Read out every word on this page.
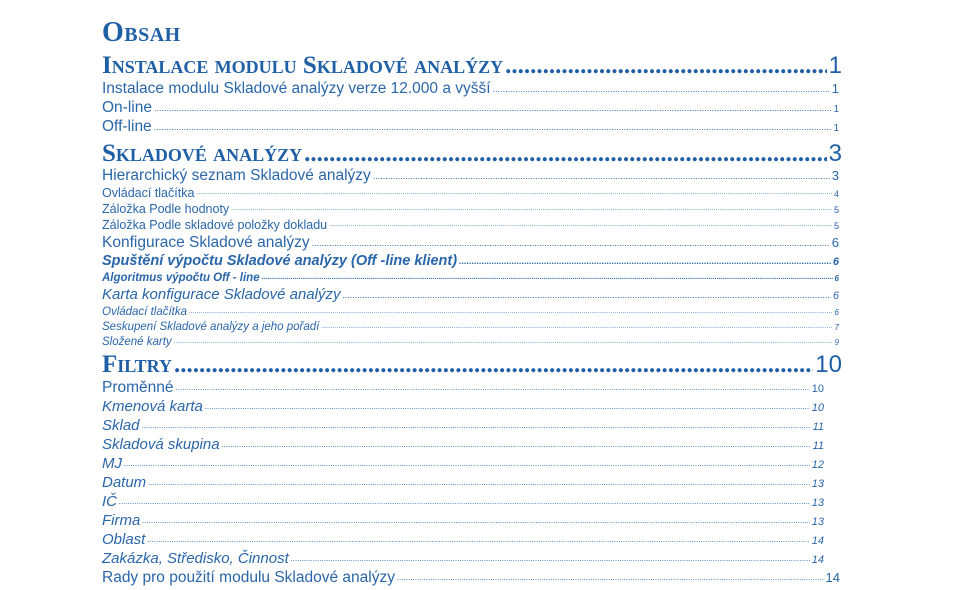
Obsah
Instalace modulu Skladové analýzy .....	1
Instalace modulu Skladové analýzy verze 12.000 a vyšší .....	1
On-line .....	1
Off-line .....	1
Skladové analýzy .....	3
Hierarchický seznam Skladové analýzy .....	3
Ovládací tlačítka .....	4
Záložka Podle hodnoty .....	5
Záložka Podle skladové položky dokladu .....	5
Konfigurace Skladové analýzy .....	6
Spuštění výpočtu Skladové analýzy (Off -line klient) .....	6
Algoritmus výpočtu Off - line .....	6
Karta konfigurace Skladové analýzy .....	6
Ovládací tlačítka .....	6
Seskupení Skladové analýzy a jeho pořadí .....	7
Složené karty .....	9
Filtry .....	10
Proměnné .....	10
Kmenová karta .....	10
Sklad .....	11
Skladová skupina .....	11
MJ .....	12
Datum .....	13
IČ .....	13
Firma .....	13
Oblast .....	14
Zakázka, Středisko, Činnost .....	14
Rady pro použití modulu Skladové analýzy .....	14
